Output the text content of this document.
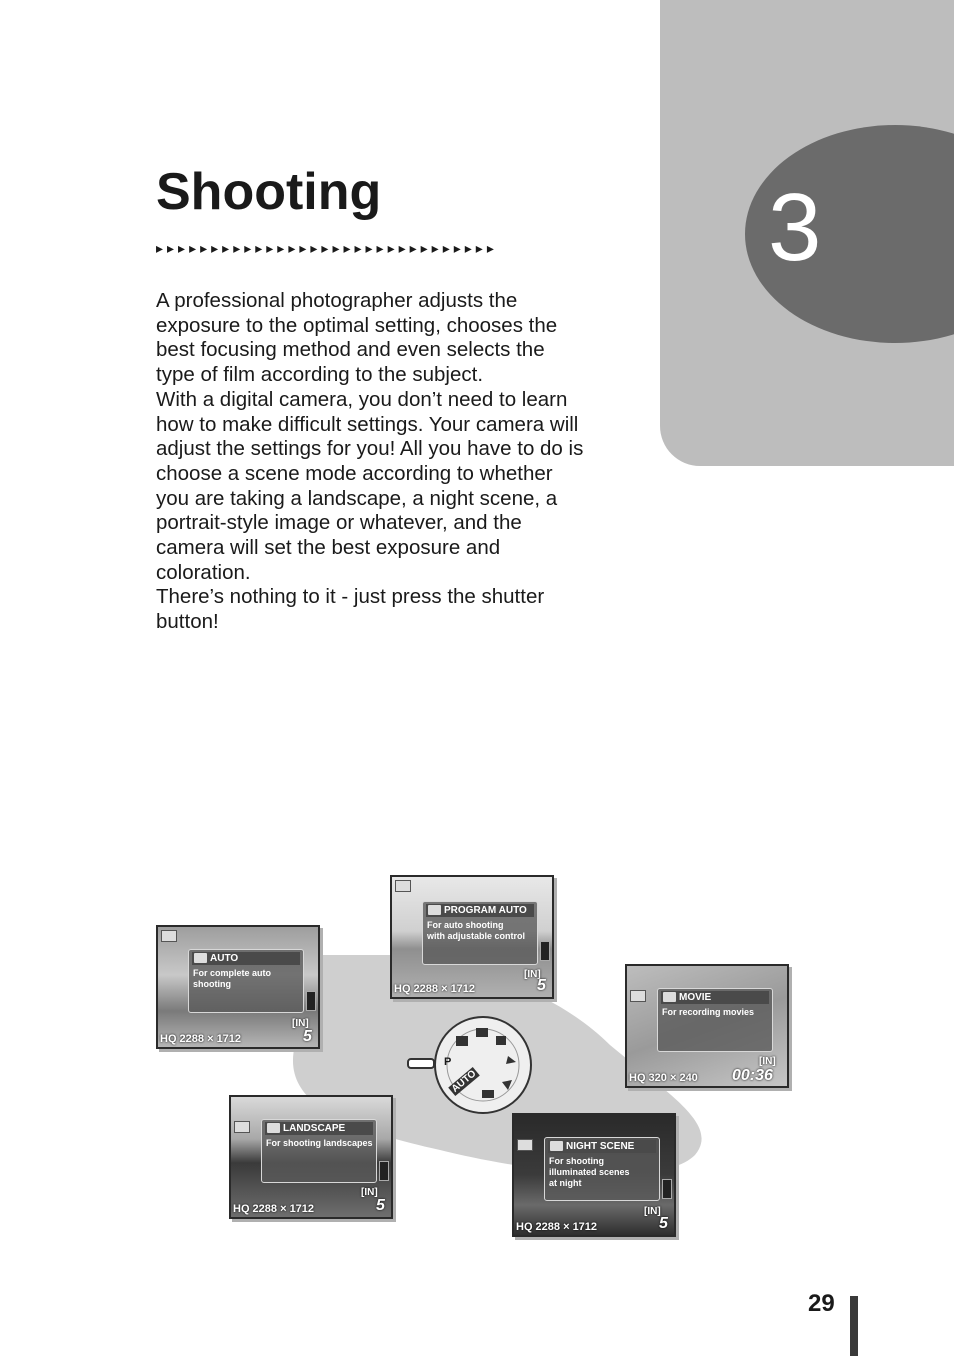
3
Shooting
▸▸▸▸▸▸▸▸▸▸▸▸▸▸▸▸▸▸▸▸▸▸▸▸▸▸▸▸▸▸▸

A professional photographer adjusts the exposure to the optimal setting, chooses the best focusing method and even selects the type of film according to the subject.

With a digital camera, you don’t need to learn how to make difficult settings. Your camera will adjust the settings for you! All you have to do is choose a scene mode according to whether you are taking a landscape, a night scene, a portrait-style image or whatever, and the camera will set the best exposure and coloration.

There’s nothing to it - just press the shutter button!

AUTO
For complete auto
shooting
[IN]
5
HQ 2288 × 1712
PROGRAM AUTO
For auto shooting
with adjustable control
[IN]
5
HQ 2288 × 1712
MOVIE
For recording movies
[IN]
00:36
HQ 320 × 240
LANDSCAPE
For shooting landscapes
[IN]
5
HQ 2288 × 1712
NIGHT SCENE
For shooting
illuminated scenes
at night
[IN]
5
HQ 2288 × 1712
P
AUTO
29
